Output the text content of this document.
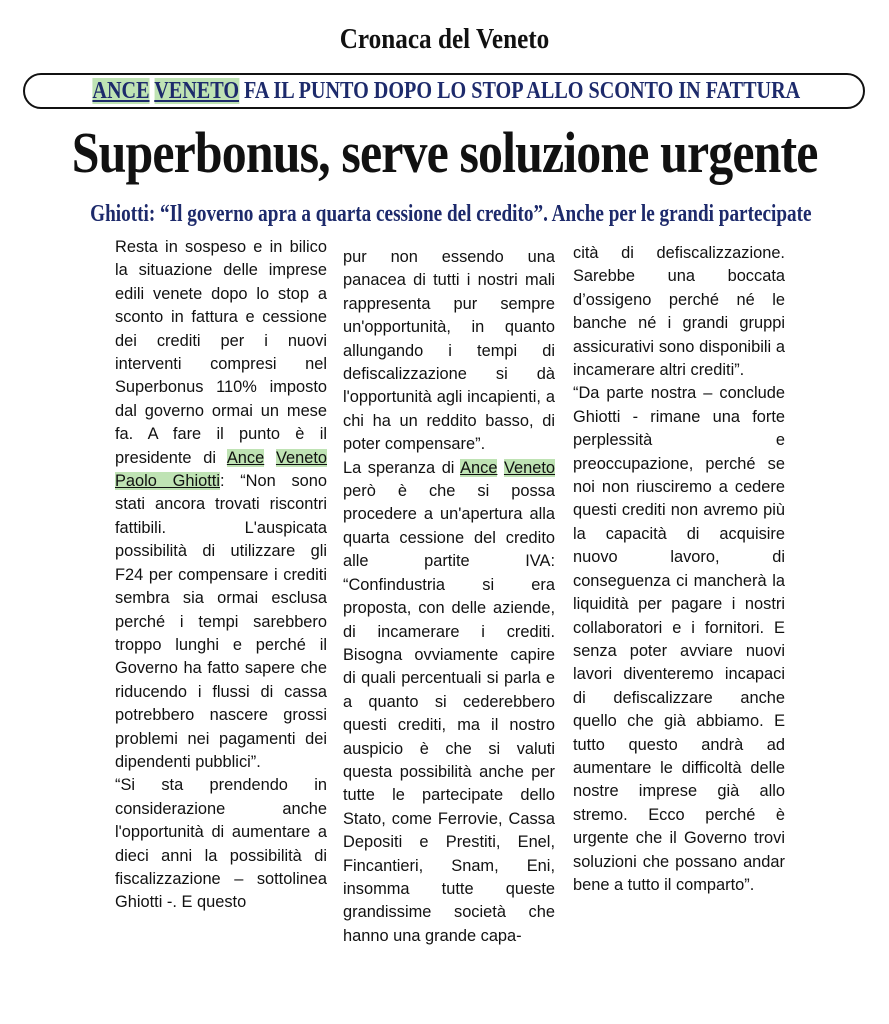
Cronaca del Veneto
ANCE VENETO FA IL PUNTO DOPO LO STOP ALLO SCONTO IN FATTURA
Superbonus, serve soluzione urgente
Ghiotti: “Il governo apra a quarta cessione del credito”. Anche per le grandi partecipate

Resta in sospeso e in bilico la situazione delle imprese edili venete dopo lo stop a sconto in fattura e cessione dei crediti per i nuovi interventi compresi nel Superbonus 110% imposto dal governo ormai un mese fa. A fare il punto è il presidente di Ance Veneto Paolo Ghiotti: “Non sono stati ancora trovati riscontri fattibili. L'auspicata possibilità di utilizzare gli F24 per compensare i crediti sembra sia ormai esclusa perché i tempi sarebbero troppo lunghi e perché il Governo ha fatto sapere che riducendo i flussi di cassa potrebbero nascere grossi problemi nei pagamenti dei dipendenti pubblici”.

“Si sta prendendo in considerazione anche l'opportunità di aumentare a dieci anni la possibilità di fiscalizzazione – sottolinea Ghiotti -. E questo

pur non essendo una panacea di tutti i nostri mali rappresenta pur sempre un'opportunità, in quanto allungando i tempi di defiscalizzazione si dà l'opportunità agli incapienti, a chi ha un reddito basso, di poter compensare”.

La speranza di Ance Veneto però è che si possa procedere a un'apertura alla quarta cessione del credito alle partite IVA: “Confindustria si era proposta, con delle aziende, di incamerare i crediti. Bisogna ovviamente capire di quali percentuali si parla e a quanto si cederebbero questi crediti, ma il nostro auspicio è che si valuti questa possibilità anche per tutte le partecipate dello Stato, come Ferrovie, Cassa Depositi e Prestiti, Enel, Fincantieri, Snam, Eni, insomma tutte queste grandissime società che hanno una grande capa-

cità di defiscalizzazione. Sarebbe una boccata d’ossigeno perché né le banche né i grandi gruppi assicurativi sono disponibili a incamerare altri crediti”.

“Da parte nostra – conclude Ghiotti - rimane una forte perplessità e preoccupazione, perché se noi non riusciremo a cedere questi crediti non avremo più la capacità di acquisire nuovo lavoro, di conseguenza ci mancherà la liquidità per pagare i nostri collaboratori e i fornitori. E senza poter avviare nuovi lavori diventeremo incapaci di defiscalizzare anche quello che già abbiamo. E tutto questo andrà ad aumentare le difficoltà delle nostre imprese già allo stremo. Ecco perché è urgente che il Governo trovi soluzioni che possano andar bene a tutto il comparto”.
